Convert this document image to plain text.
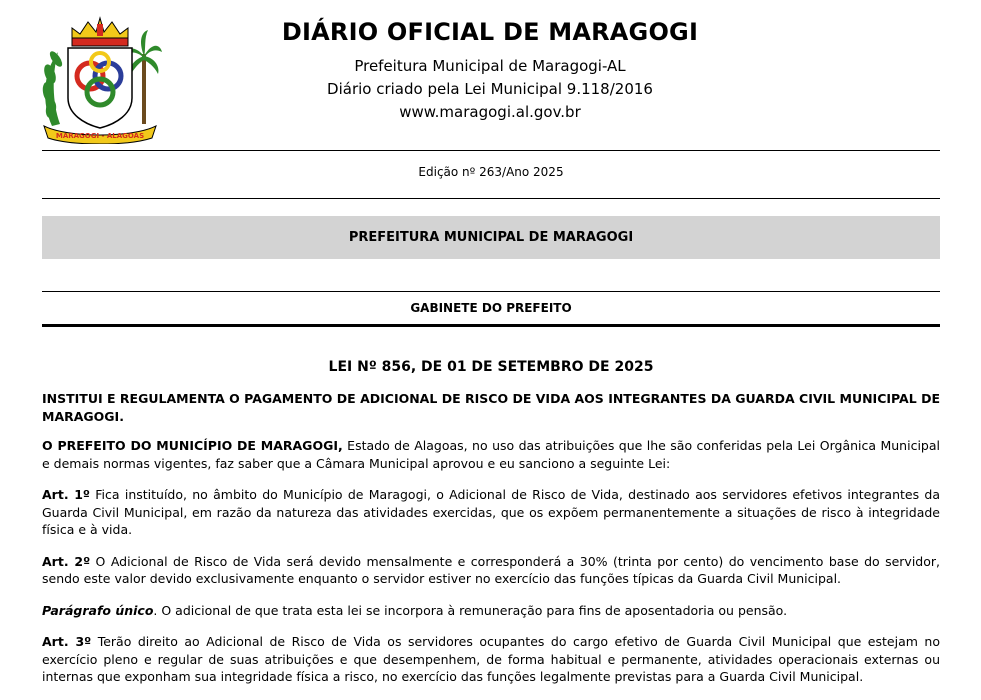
MARAGOGI - ALAGOAS
DIÁRIO OFICIAL DE MARAGOGI
Prefeitura Municipal de Maragogi-AL
Diário criado pela Lei Municipal 9.118/2016
www.maragogi.al.gov.br
Edição nº 263/Ano 2025
PREFEITURA MUNICIPAL DE MARAGOGI
GABINETE DO PREFEITO
LEI Nº 856, DE 01 DE SETEMBRO DE 2025

INSTITUI E REGULAMENTA O PAGAMENTO DE ADICIONAL DE RISCO DE VIDA AOS INTEGRANTES DA GUARDA CIVIL MUNICIPAL DE MARAGOGI.

O PREFEITO DO MUNICÍPIO DE MARAGOGI, Estado de Alagoas, no uso das atribuições que lhe são conferidas pela Lei Orgânica Municipal e demais normas vigentes, faz saber que a Câmara Municipal aprovou e eu sanciono a seguinte Lei:

Art. 1º Fica instituído, no âmbito do Município de Maragogi, o Adicional de Risco de Vida, destinado aos servidores efetivos integrantes da Guarda Civil Municipal, em razão da natureza das atividades exercidas, que os expõem permanentemente a situações de risco à integridade física e à vida.

Art. 2º O Adicional de Risco de Vida será devido mensalmente e corresponderá a 30% (trinta por cento) do vencimento base do servidor, sendo este valor devido exclusivamente enquanto o servidor estiver no exercício das funções típicas da Guarda Civil Municipal.

Parágrafo único. O adicional de que trata esta lei se incorpora à remuneração para fins de aposentadoria ou pensão.

Art. 3º Terão direito ao Adicional de Risco de Vida os servidores ocupantes do cargo efetivo de Guarda Civil Municipal que estejam no exercício pleno e regular de suas atribuições e que desempenhem, de forma habitual e permanente, atividades operacionais externas ou internas que exponham sua integridade física a risco, no exercício das funções legalmente previstas para a Guarda Civil Municipal.
